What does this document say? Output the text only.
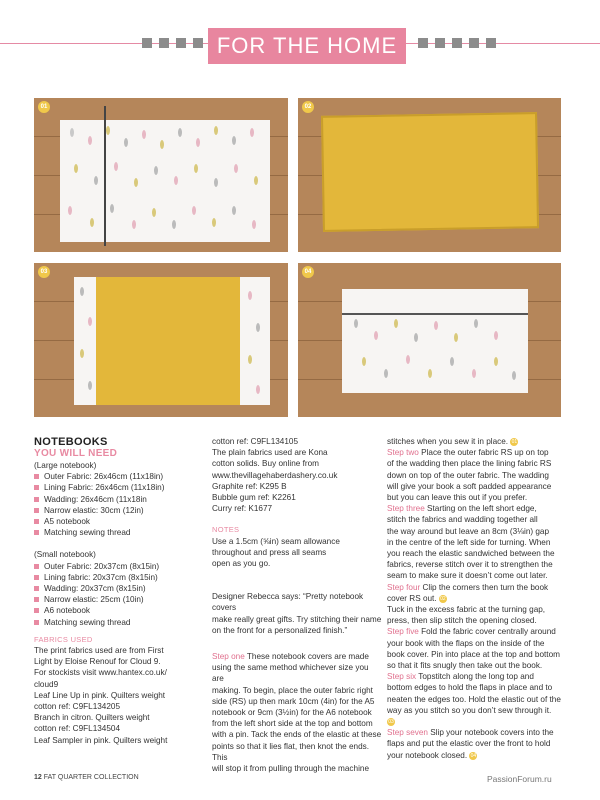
FOR THE HOME
01	02
03	04
NOTEBOOKS
YOU WILL NEED
(Large notebook)
Outer Fabric: 26x46cm (11x18in)
Lining Fabric: 26x46cm (11x18in)
Wadding: 26x46cm (11x18in
Narrow elastic: 30cm (12in)
A5 notebook
Matching sewing thread
(Small notebook)
Outer Fabric: 20x37cm (8x15in)
Lining fabric: 20x37cm (8x15in)
Wadding: 20x37cm (8x15in)
Narrow elastic: 25cm (10in)
A6 notebook
Matching sewing thread
FABRICS USED
The print fabrics used are from First
Light by Eloise Renouf for Cloud 9.
For stockists visit www.hantex.co.uk/
cloud9
Leaf Line Up in pink. Quilters weight
cotton ref: C9FL134205
Branch in citron. Quilters weight
cotton ref: C9FL134504
Leaf Sampler in pink. Quilters weight
cotton ref: C9FL134105
The plain fabrics used are Kona
cotton solids. Buy online from
www.thevillagehaberdashery.co.uk
Graphite ref: K295 B
Bubble gum ref: K2261
Curry ref: K1677
NOTES
Use a 1.5cm (⅝in) seam allowance
throughout and press all seams
open as you go.
Designer Rebecca says: “Pretty notebook covers
make really great gifts. Try stitching their name
on the front for a personalized finish.”
Step one These notebook covers are made
using the same method whichever size you are
making. To begin, place the outer fabric right
side (RS) up then mark 10cm (4in) for the A5
notebook or 9cm (3½in) for the A6 notebook
from the left short side at the top and bottom
with a pin. Tack the ends of the elastic at these
points so that it lies flat, then knot the ends. This
will stop it from pulling through the machine
stitches when you sew it in place. 01
Step two Place the outer fabric RS up on top
of the wadding then place the lining fabric RS
down on top of the outer fabric. The wadding
will give your book a soft padded appearance
but you can leave this out if you prefer.
Step three Starting on the left short edge,
stitch the fabrics and wadding together all
the way around but leave an 8cm (3⅛in) gap
in the centre of the left side for turning. When
you reach the elastic sandwiched between the
fabrics, reverse stitch over it to strengthen the
seam to make sure it doesn’t come out later.
Step four Clip the corners then turn the book
cover RS out. 02
Tuck in the excess fabric at the turning gap,
press, then slip stitch the opening closed.
Step five Fold the fabric cover centrally around
your book with the flaps on the inside of the
book cover. Pin into place at the top and bottom
so that it fits snugly then take out the book.
Step six Topstitch along the long top and
bottom edges to hold the flaps in place and to
neaten the edges too. Hold the elastic out of the
way as you stitch so you don’t sew through it. 03
Step seven Slip your notebook covers into the
flaps and put the elastic over the front to hold
your notebook closed. 04
12 FAT QUARTER COLLECTION	PassionForum.ru
